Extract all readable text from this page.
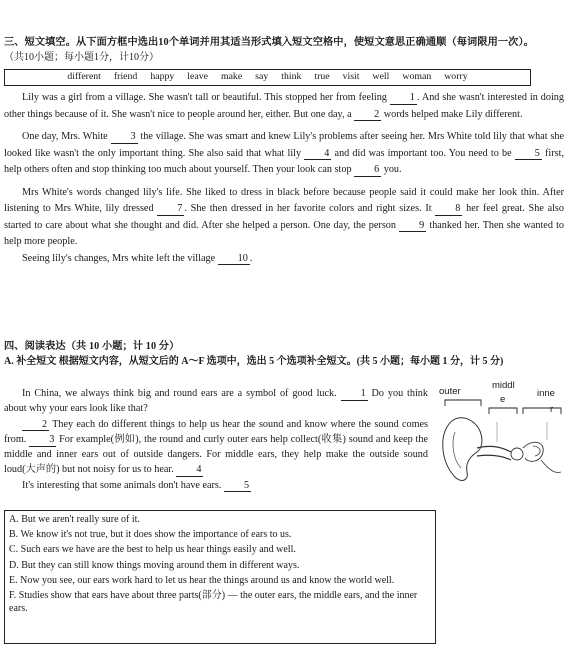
三、短文填空。从下面方框中选出10个单词并用其适当形式填入短文空格中，使短文意思正确通顺（每词限用一次）。
（共10小题；每小题1分，计10分）
different friend happy leave make say think true visit well woman worry

Lily was a girl from a village. She wasn't tall or beautiful. This stopped her from feeling 1 . And she wasn't interested in doing other things because of it. She wasn't nice to people around her, either. But one day, a 2 words helped make Lily different.

One day, Mrs. White 3 the village. She was smart and knew Lily's problems after seeing her. Mrs White told lily that what she looked like wasn't the only important thing. She also said that what lily 4 and did was important too. You need to be 5 first, help others often and stop thinking too much about yourself. Then your look can stop 6 you.

Mrs White's words changed lily's life. She liked to dress in black before because people said it could make her look thin. After listening to Mrs White, lily dressed 7 . She then dressed in her favorite colors and right sizes. It 8 her feel great. She also started to care about what she thought and did. After she helped a person. One day, the person 9 thanked her. Then she wanted to help more people.

Seeing lily's changes, Mrs white left the village 10 .

四、阅读表达（共 10 小题；计 10 分）
A. 补全短文 根据短文内容，从短文后的 A～F 选项中，选出 5 个选项补全短文。(共 5 小题；每小题 1 分，计 5 分)

In China, we always think big and round ears are a symbol of good luck. 1 Do you think about why your ears look like that?

2 They each do different things to help us hear the sound and know where the sound comes from. 3 For example(例如), the round and curly outer ears help collect(收集) sound and keep the middle and inner ears out of outside dangers. For middle ears, they help make the outside sound loud(大声的) but not noisy for us to hear. 4

It's interesting that some animals don't have ears. 5

outer
middl
e
inne
r
A. But we aren't really sure of it.
B. We know it's not true, but it does show the importance of ears to us.
C. Such ears we have are the best to help us hear things easily and well.
D. But they can still know things moving around them in different ways.
E. Now you see, our ears work hard to let us hear the things around us and know the world well.
F. Studies show that ears have about three parts(部分) — the outer ears, the middle ears, and the inner ears.
